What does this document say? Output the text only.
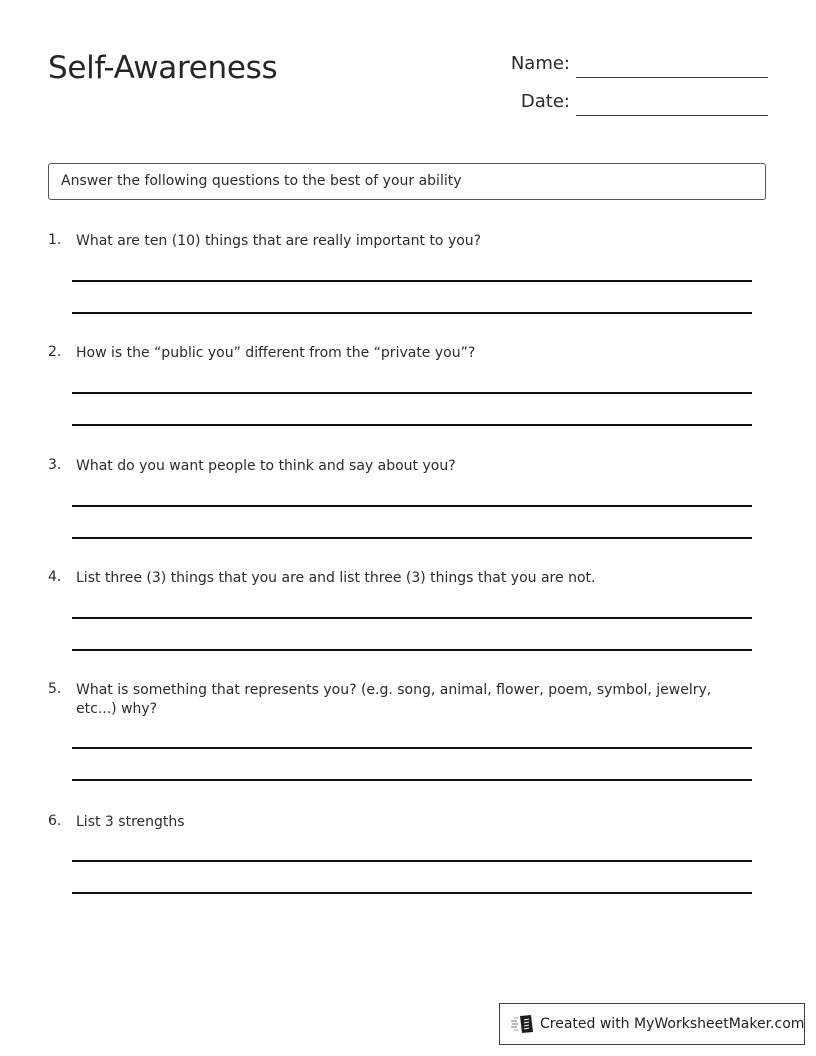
Self-Awareness	Name:
Date:
Answer the following questions to the best of your ability
1. What are ten (10) things that are really important to you?
2. How is the “public you” different from the “private you”?
3. What do you want people to think and say about you?
4. List three (3) things that you are and list three (3) things that you are not.
5. What is something that represents you? (e.g. song, animal, flower, poem, symbol, jewelry, etc...) why?
6. List 3 strengths
Created with MyWorksheetMaker.com
